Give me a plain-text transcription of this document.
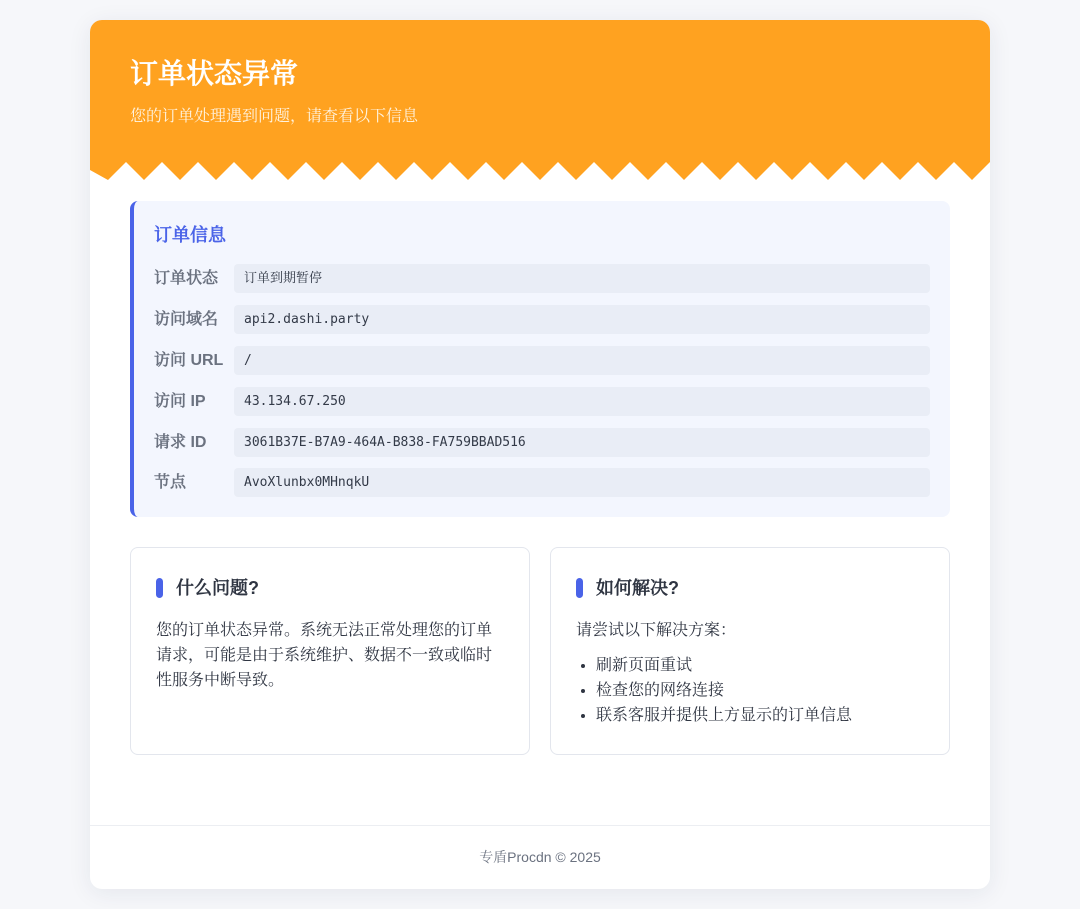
订单状态异常
您的订单处理遇到问题，请查看以下信息
订单信息
订单状态	订单到期暂停
访问域名	api2.dashi.party
访问 URL	/
访问 IP	43.134.67.250
请求 ID	3061B37E-B7A9-464A-B838-FA759BBAD516
节点	AvoXlunbx0MHnqkU
什么问题?

您的订单状态异常。系统无法正常处理您的订单请求，可能是由于系统维护、数据不一致或临时性服务中断导致。

如何解决?

请尝试以下解决方案：

• 刷新页面重试
• 检查您的网络连接
• 联系客服并提供上方显示的订单信息
专盾Procdn © 2025
